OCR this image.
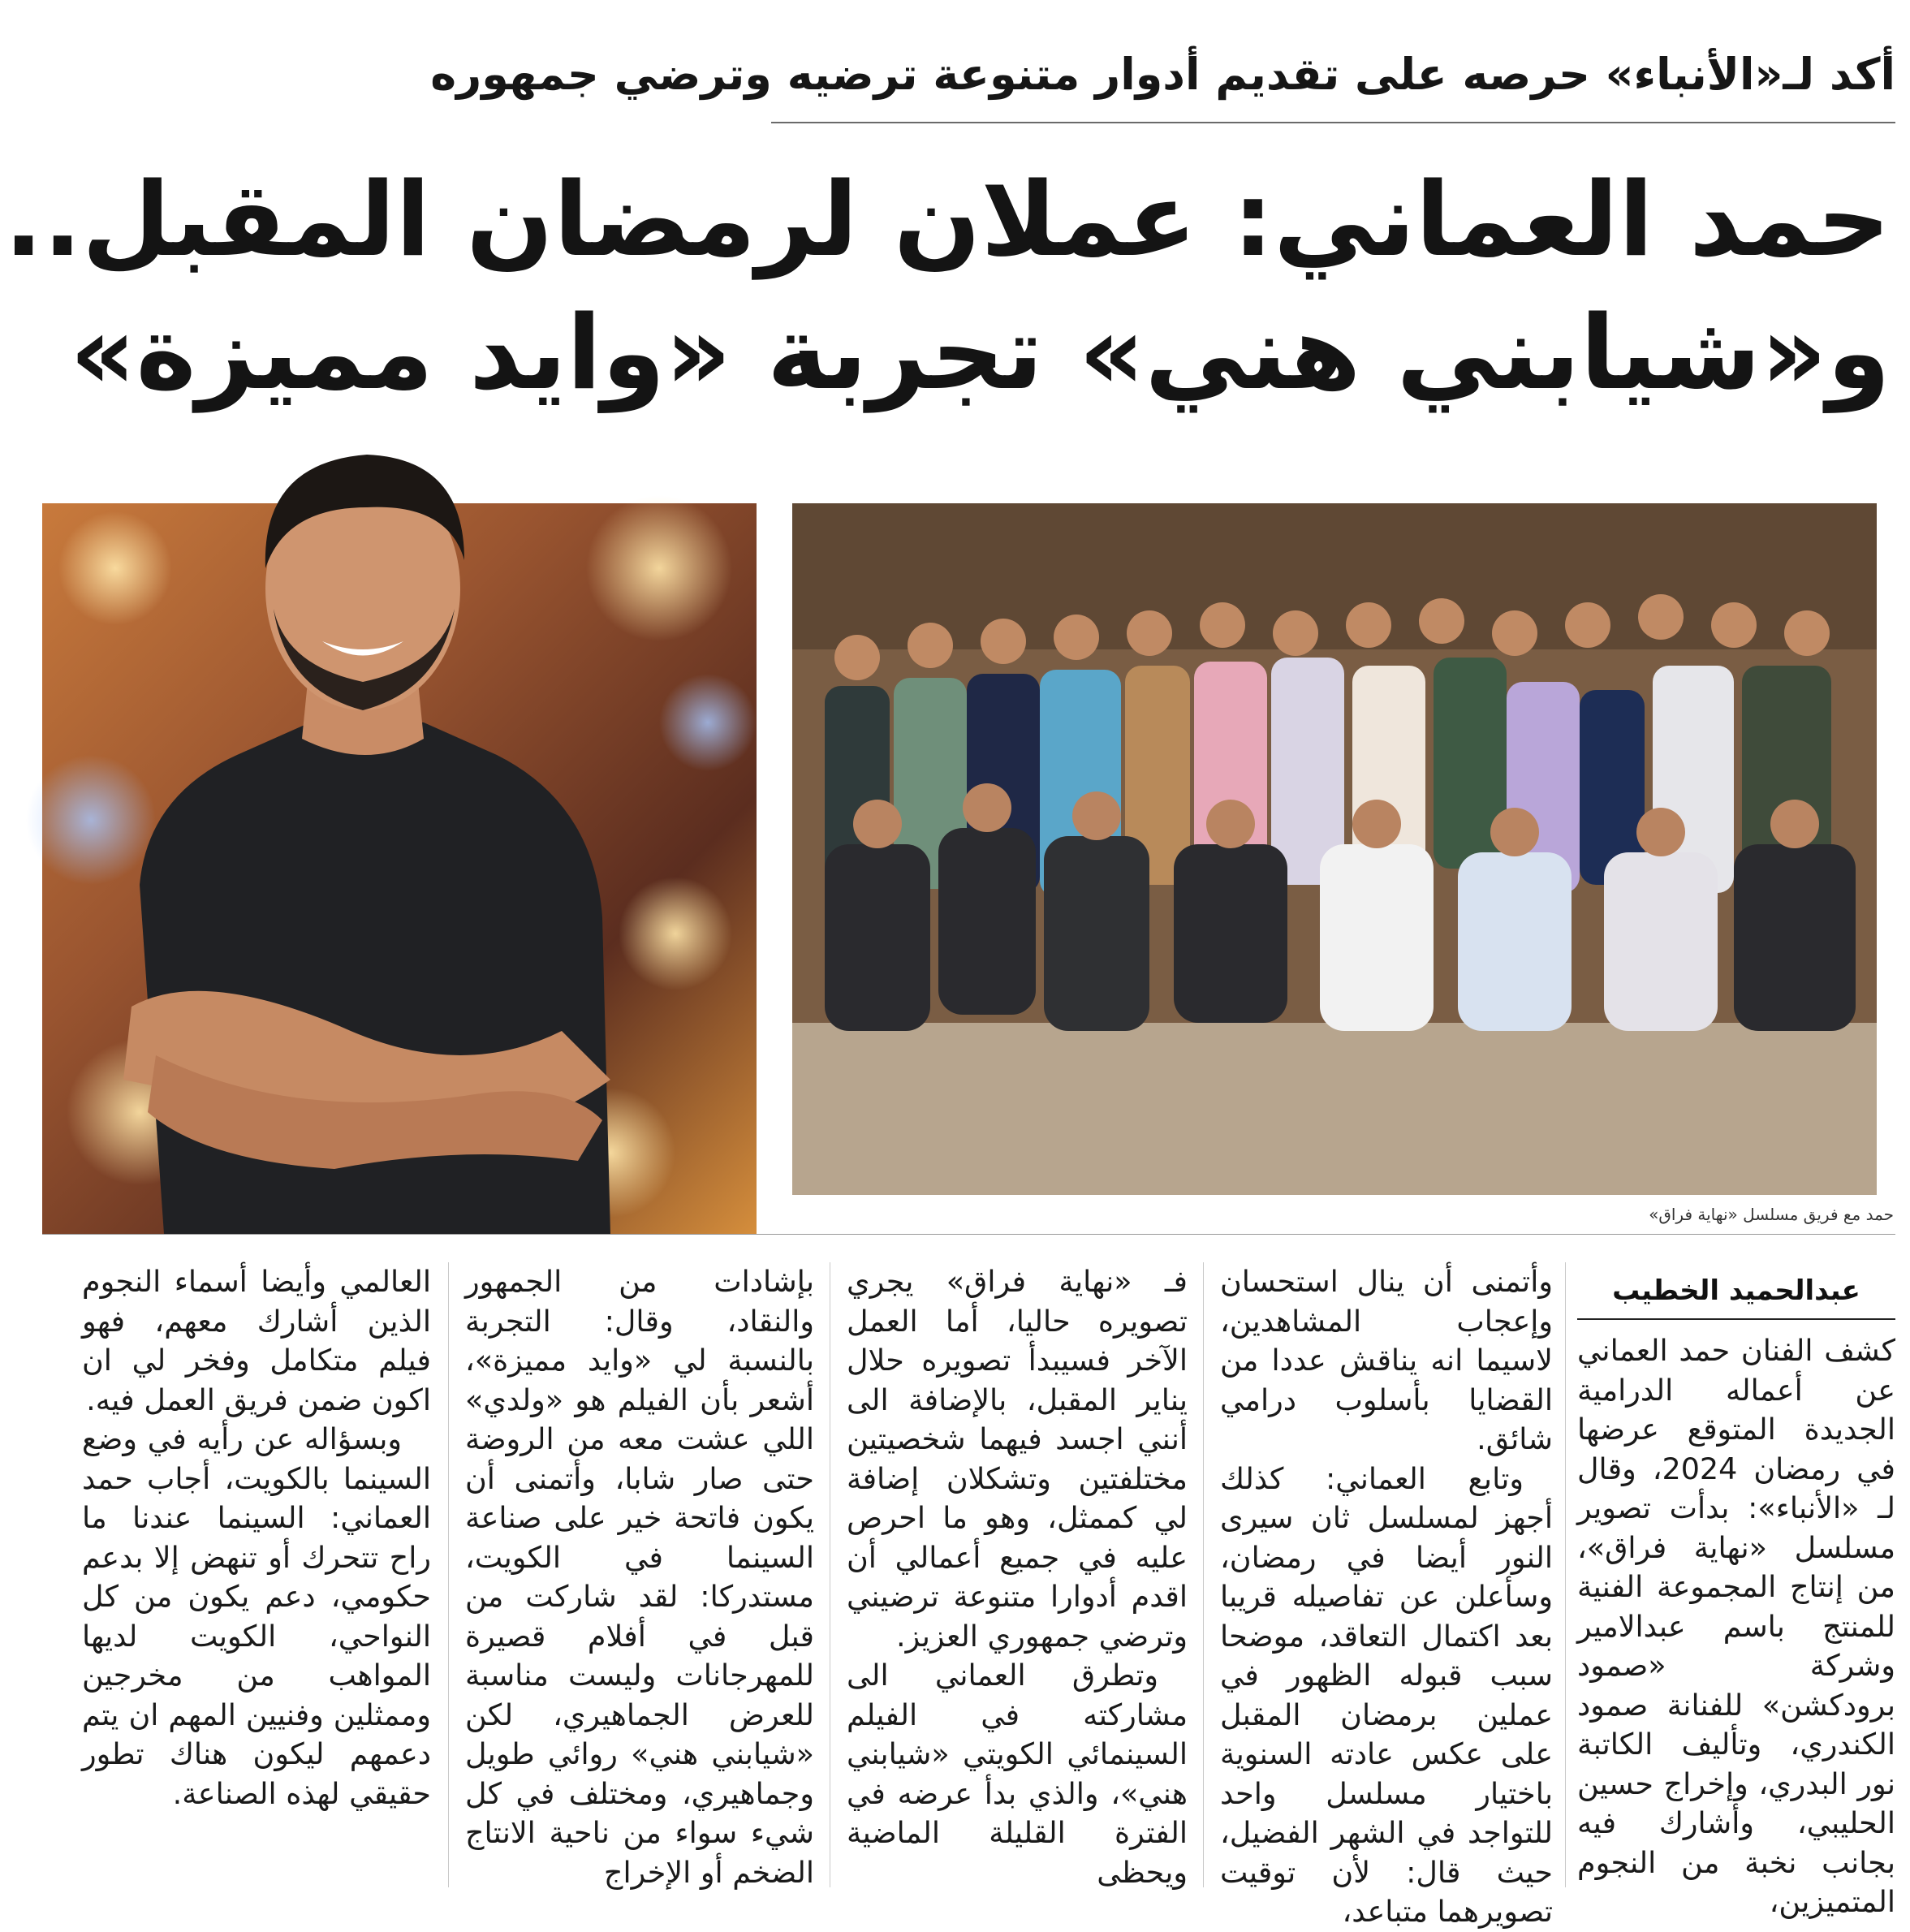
أكد لـ«الأنباء» حرصه على تقديم أدوار متنوعة ترضيه وترضي جمهوره
حمد العماني: عملان لرمضان المقبل..
و«شيابني هني» تجربة «وايد مميزة»
حمد مع فريق مسلسل «نهاية فراق»
عبدالحميد الخطيب

كشف الفنان حمد العماني عن أعماله الدرامية الجديدة المتوقع عرضها في رمضان 2024، وقال لـ «الأنباء»: بدأت تصوير مسلسل «نهاية فراق»، من إنتاج المجموعة الفنية للمنتج باسم عبدالامير وشركة «صمود برودكشن» للفنانة صمود الكندري، وتأليف الكاتبة نور البدري، وإخراج حسين الحليبي، وأشارك فيه بجانب نخبة من النجوم المتميزين،

وأتمنى أن ينال استحسان وإعجاب المشاهدين، لاسيما انه يناقش عددا من القضايا بأسلوب درامي شائق.

وتابع العماني: كذلك أجهز لمسلسل ثان سيرى النور أيضا في رمضان، وسأعلن عن تفاصيله قريبا بعد اكتمال التعاقد، موضحا سبب قبوله الظهور في عملين برمضان المقبل على عكس عادته السنوية باختيار مسلسل واحد للتواجد في الشهر الفضيل، حيث قال: لأن توقيت تصويرهما متباعد،

فـ «نهاية فراق» يجري تصويره حاليا، أما العمل الآخر فسيبدأ تصويره حلال يناير المقبل، بالإضافة الى أنني اجسد فيهما شخصيتين مختلفتين وتشكلان إضافة لي كممثل، وهو ما احرص عليه في جميع أعمالي أن اقدم أدوارا متنوعة ترضيني وترضي جمهوري العزيز.

وتطرق العماني الى مشاركته في الفيلم السينمائي الكويتي «شيابني هني»، والذي بدأ عرضه في الفترة القليلة الماضية ويحظى

بإشادات من الجمهور والنقاد، وقال: التجربة بالنسبة لي «وايد مميزة»، أشعر بأن الفيلم هو «ولدي» اللي عشت معه من الروضة حتى صار شابا، وأتمنى أن يكون فاتحة خير على صناعة السينما في الكويت، مستدركا: لقد شاركت من قبل في أفلام قصيرة للمهرجانات وليست مناسبة للعرض الجماهيري، لكن «شيابني هني» روائي طويل وجماهيري، ومختلف في كل شيء سواء من ناحية الانتاج الضخم أو الإخراج

العالمي وأيضا أسماء النجوم الذين أشارك معهم، فهو فيلم متكامل وفخر لي ان اكون ضمن فريق العمل فيه.

وبسؤاله عن رأيه في وضع السينما بالكويت، أجاب حمد العماني: السينما عندنا ما راح تتحرك أو تنهض إلا بدعم حكومي، دعم يكون من كل النواحي، الكويت لديها المواهب من مخرجين وممثلين وفنيين المهم ان يتم دعمهم ليكون هناك تطور حقيقي لهذه الصناعة.
